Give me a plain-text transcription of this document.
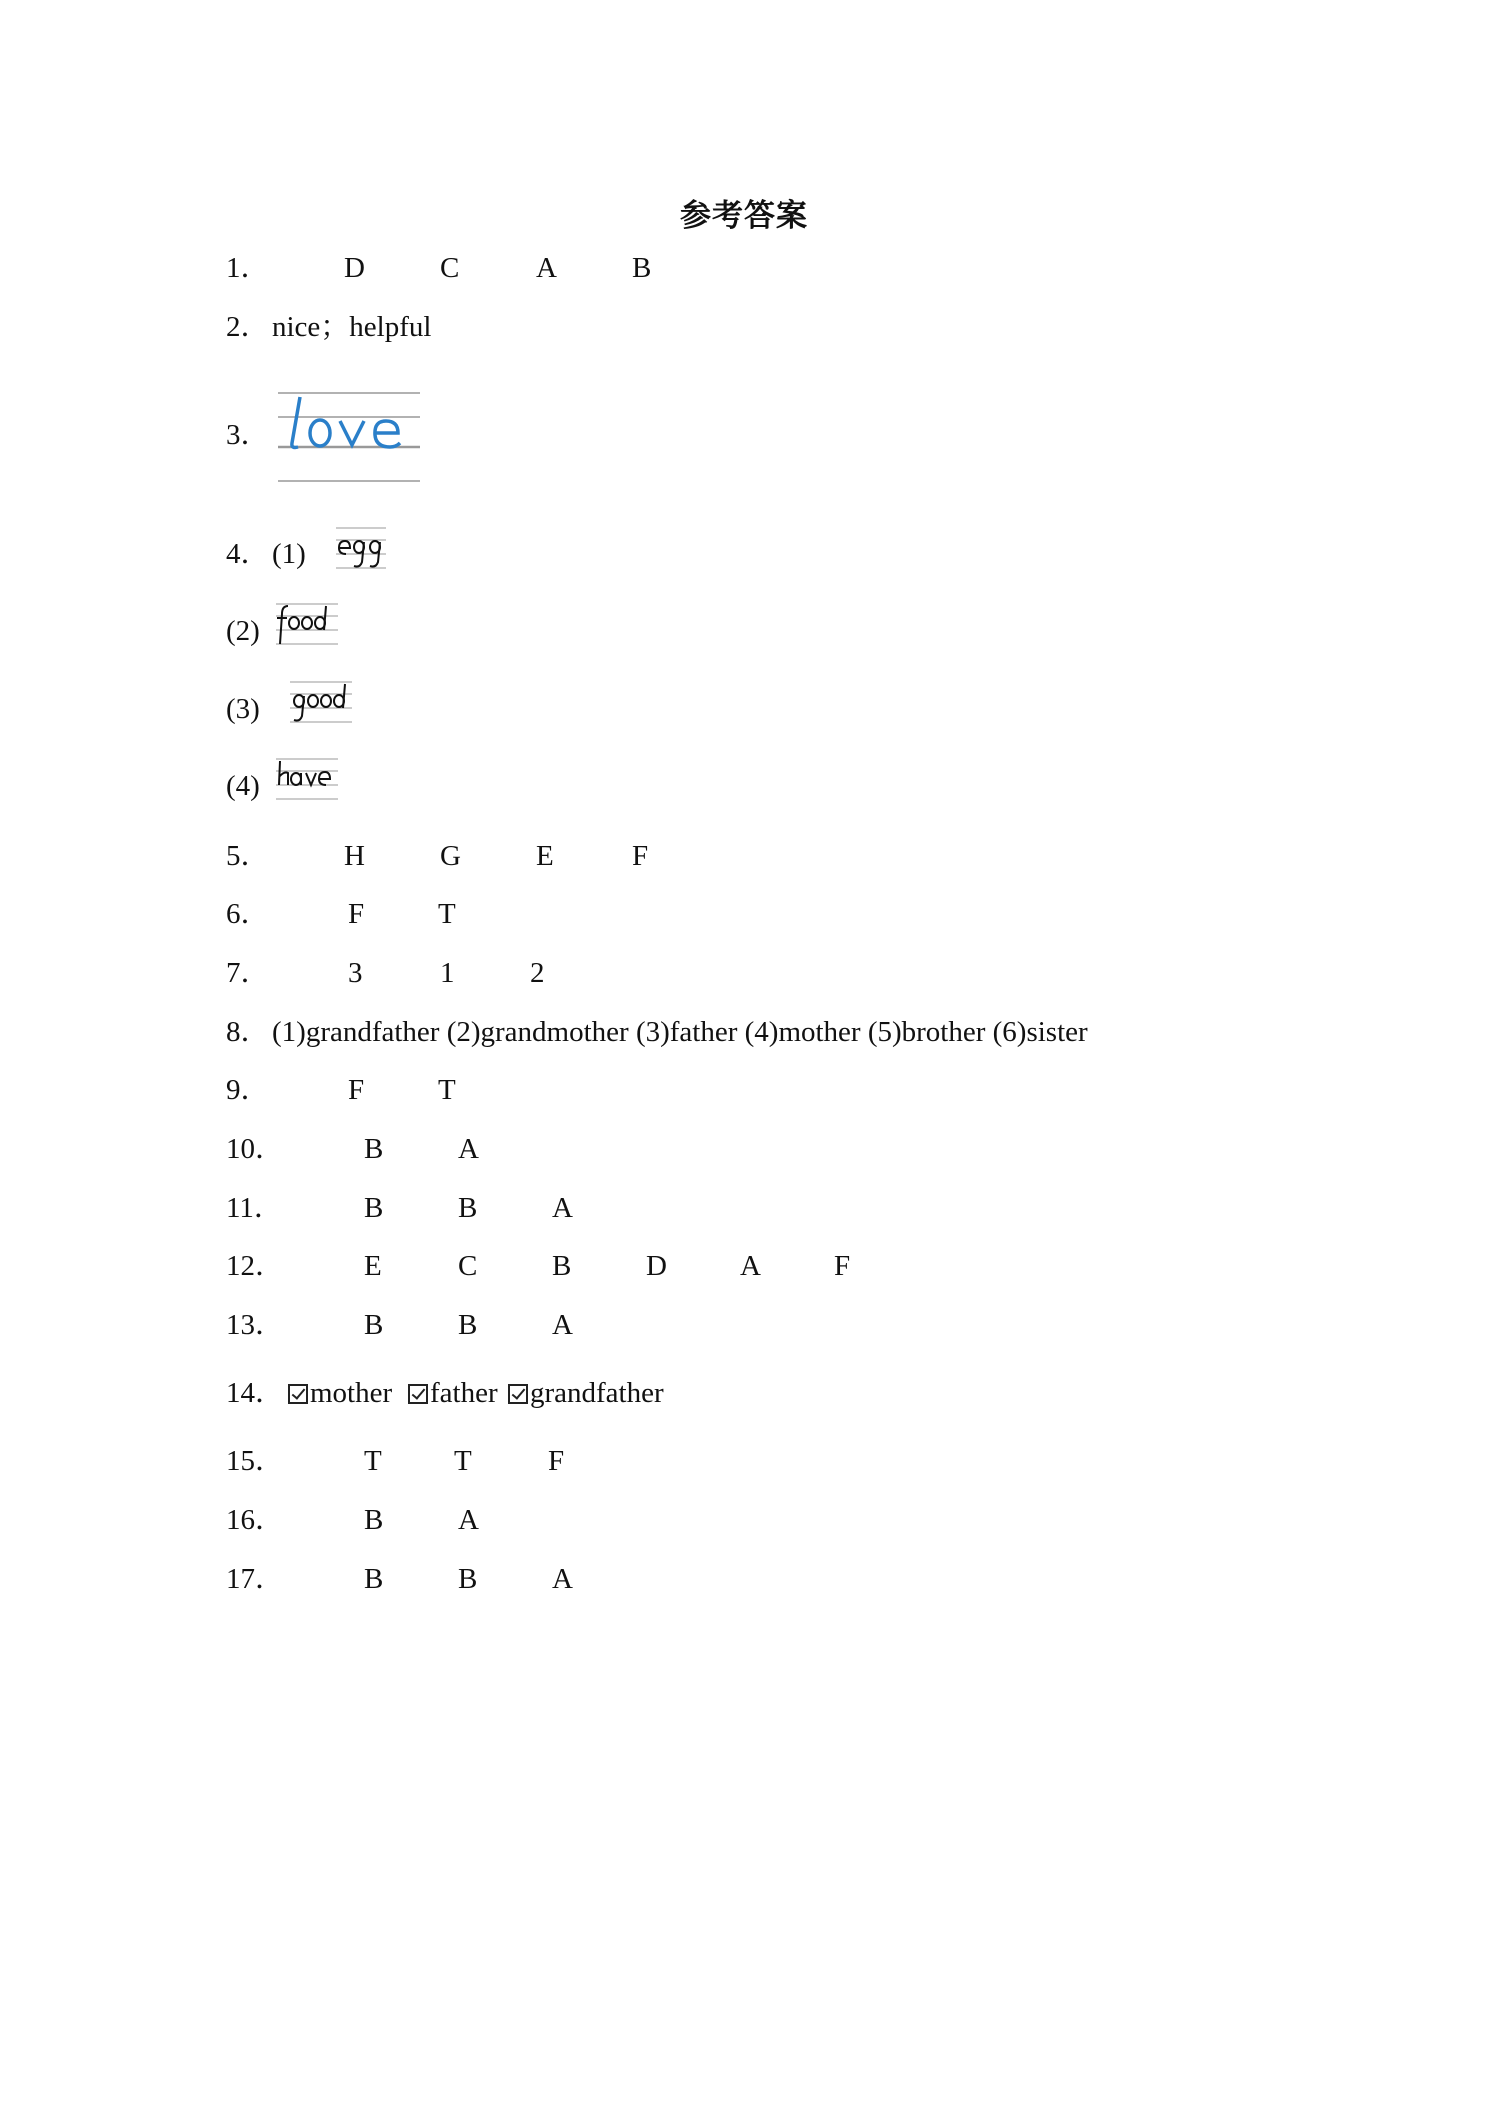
参考答案
1．	D	C	A	B
2． nice；helpful
3．
4． (1)
(2)
(3)
(4)
5．	H	G	E	F
6．	F	T
7．	3	1	2
8． (1)grandfather (2)grandmother (3)father (4)mother (5)brother (6)sister
9．	F	T
10．	B	A
11．	B	B	A
12．	E	C	B	D	A	F
13．	B	B	A
14． mother	father	grandfather
15．	T T	F
16．	B	A
17．	B	B	A
